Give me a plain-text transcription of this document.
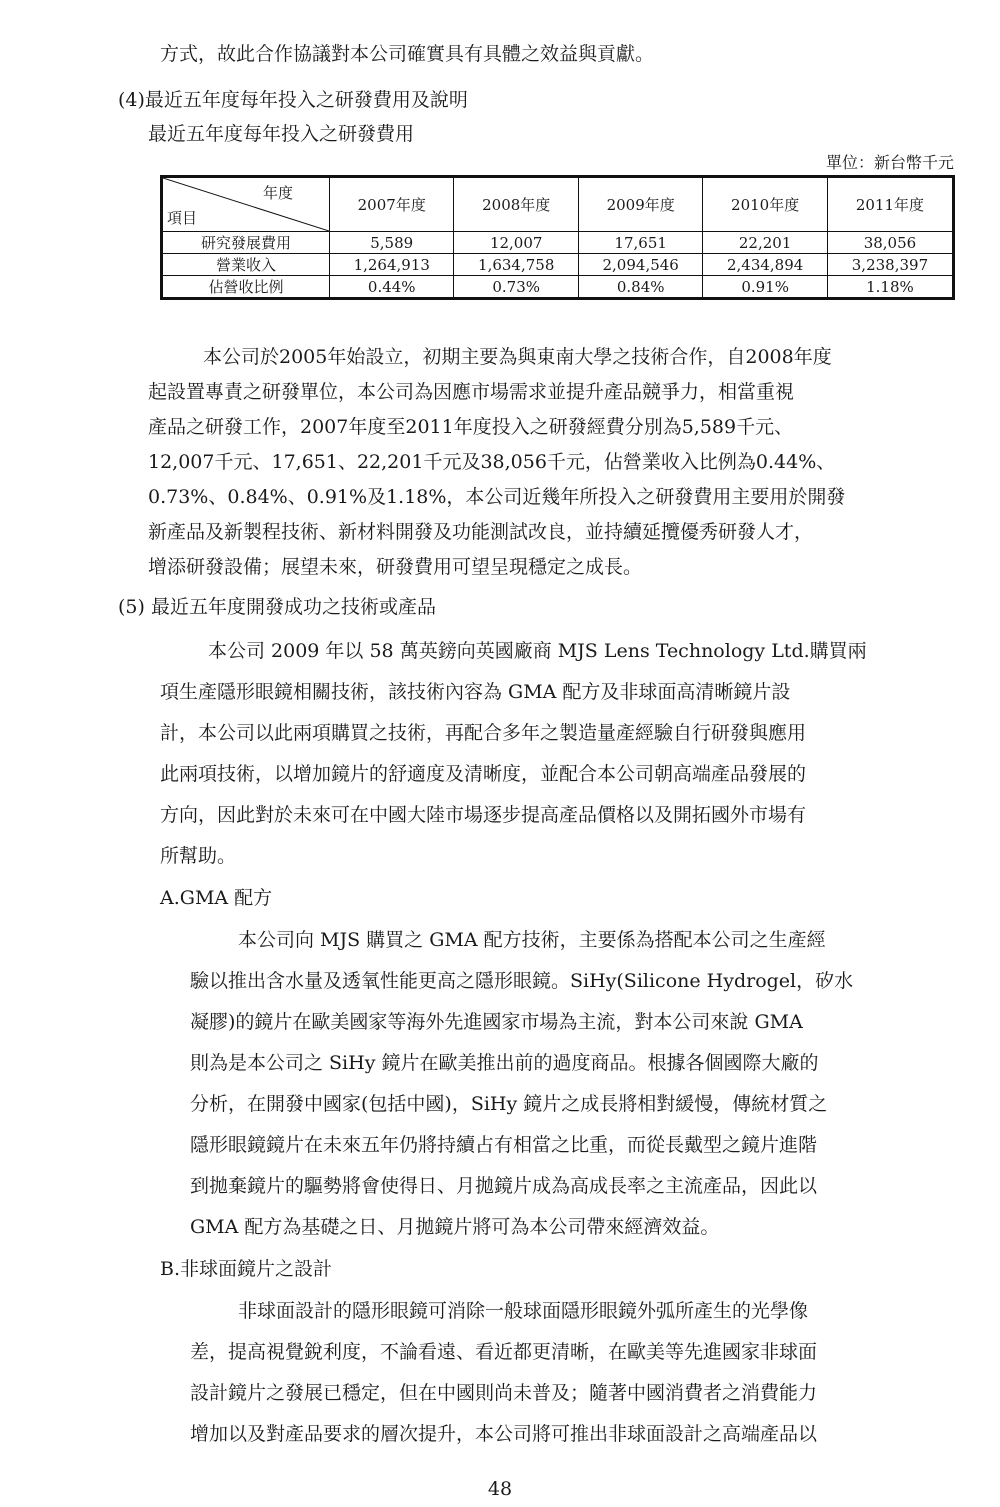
方式，故此合作協議對本公司確實具有具體之效益與貢獻。
(4)最近五年度每年投入之研發費用及說明
最近五年度每年投入之研發費用
單位：新台幣千元
年度
項目	2007年度	2008年度	2009年度	2010年度	2011年度
研究發展費用	5,589	12,007	17,651	22,201	38,056
營業收入	1,264,913	1,634,758	2,094,546	2,434,894	3,238,397
佔營收比例	0.44%	0.73%	0.84%	0.91%	1.18%
本公司於2005年始設立，初期主要為與東南大學之技術合作，自2008年度
起設置專責之研發單位，本公司為因應市場需求並提升產品競爭力，相當重視
產品之研發工作，2007年度至2011年度投入之研發經費分別為5,589千元、
12,007千元、17,651、22,201千元及38,056千元，佔營業收入比例為0.44%、
0.73%、0.84%、0.91%及1.18%，本公司近幾年所投入之研發費用主要用於開發
新產品及新製程技術、新材料開發及功能測試改良，並持續延攬優秀研發人才，
增添研發設備；展望未來，研發費用可望呈現穩定之成長。
(5) 最近五年度開發成功之技術或產品
本公司 2009 年以 58 萬英鎊向英國廠商 MJS Lens Technology Ltd.購買兩
項生產隱形眼鏡相關技術，該技術內容為 GMA 配方及非球面高清晰鏡片設
計，本公司以此兩項購買之技術，再配合多年之製造量產經驗自行研發與應用
此兩項技術，以增加鏡片的舒適度及清晰度，並配合本公司朝高端產品發展的
方向，因此對於未來可在中國大陸市場逐步提高產品價格以及開拓國外市場有
所幫助。
A.GMA 配方
本公司向 MJS 購買之 GMA 配方技術，主要係為搭配本公司之生產經
驗以推出含水量及透氧性能更高之隱形眼鏡。SiHy(Silicone Hydrogel，矽水
凝膠)的鏡片在歐美國家等海外先進國家市場為主流，對本公司來說 GMA
則為是本公司之 SiHy 鏡片在歐美推出前的過度商品。根據各個國際大廠的
分析，在開發中國家(包括中國)，SiHy 鏡片之成長將相對緩慢，傳統材質之
隱形眼鏡鏡片在未來五年仍將持續占有相當之比重，而從長戴型之鏡片進階
到拋棄鏡片的驅勢將會使得日、月拋鏡片成為高成長率之主流產品，因此以
GMA 配方為基礎之日、月拋鏡片將可為本公司帶來經濟效益。
B.非球面鏡片之設計
非球面設計的隱形眼鏡可消除一般球面隱形眼鏡外弧所產生的光學像
差，提高視覺銳利度，不論看遠、看近都更清晰，在歐美等先進國家非球面
設計鏡片之發展已穩定，但在中國則尚未普及；隨著中國消費者之消費能力
增加以及對產品要求的層次提升，本公司將可推出非球面設計之高端產品以
48
